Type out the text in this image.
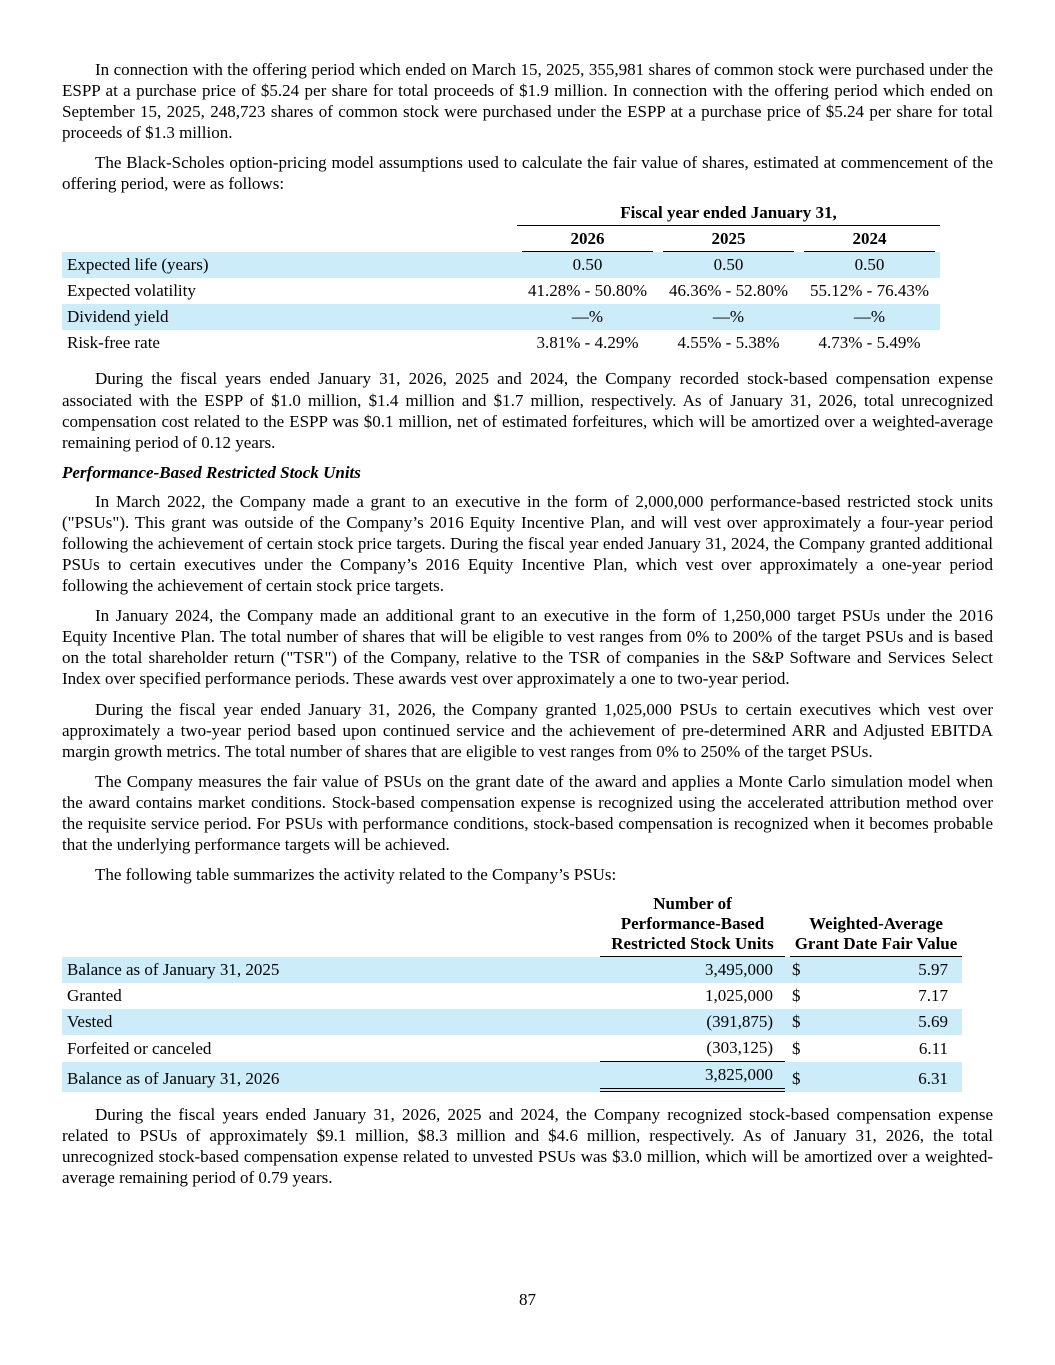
In connection with the offering period which ended on March 15, 2025, 355,981 shares of common stock were purchased under the ESPP at a purchase price of $5.24 per share for total proceeds of $1.9 million. In connection with the offering period which ended on September 15, 2025, 248,723 shares of common stock were purchased under the ESPP at a purchase price of $5.24 per share for total proceeds of $1.3 million.

The Black-Scholes option-pricing model assumptions used to calculate the fair value of shares, estimated at commencement of the offering period, were as follows:

	Fiscal year ended January 31,		

	2026	2025	2024

Expected life (years)	0.50	0.50	0.50
Expected volatility	41.28% - 50.80%	46.36% - 52.80%	55.12% - 76.43%
Dividend yield	—%	—%	—%
Risk-free rate	3.81% - 4.29%	4.55% - 5.38%	4.73% - 5.49%

During the fiscal years ended January 31, 2026, 2025 and 2024, the Company recorded stock-based compensation expense associated with the ESPP of $1.0 million, $1.4 million and $1.7 million, respectively. As of January 31, 2026, total unrecognized compensation cost related to the ESPP was $0.1 million, net of estimated forfeitures, which will be amortized over a weighted-average remaining period of 0.12 years.

Performance-Based Restricted Stock Units

In March 2022, the Company made a grant to an executive in the form of 2,000,000 performance-based restricted stock units ("PSUs"). This grant was outside of the Company’s 2016 Equity Incentive Plan, and will vest over approximately a four-year period following the achievement of certain stock price targets. During the fiscal year ended January 31, 2024, the Company granted additional PSUs to certain executives under the Company’s 2016 Equity Incentive Plan, which vest over approximately a one-year period following the achievement of certain stock price targets.

In January 2024, the Company made an additional grant to an executive in the form of 1,250,000 target PSUs under the 2016 Equity Incentive Plan. The total number of shares that will be eligible to vest ranges from 0% to 200% of the target PSUs and is based on the total shareholder return ("TSR") of the Company, relative to the TSR of companies in the S&P Software and Services Select Index over specified performance periods. These awards vest over approximately a one to two-year period.

During the fiscal year ended January 31, 2026, the Company granted 1,025,000 PSUs to certain executives which vest over approximately a two-year period based upon continued service and the achievement of pre-determined ARR and Adjusted EBITDA margin growth metrics. The total number of shares that are eligible to vest ranges from 0% to 250% of the target PSUs.

The Company measures the fair value of PSUs on the grant date of the award and applies a Monte Carlo simulation model when the award contains market conditions. Stock-based compensation expense is recognized using the accelerated attribution method over the requisite service period. For PSUs with performance conditions, stock-based compensation is recognized when it becomes probable that the underlying performance targets will be achieved.

The following table summarizes the activity related to the Company’s PSUs:

	Number of
Performance-Based
Restricted Stock Units	Weighted-Average
Grant Date Fair Value	

Balance as of January 31, 2025	3,495,000	$	5.97
Granted	1,025,000	$	7.17
Vested	(391,875)	$	5.69
Forfeited or canceled	(303,125)	$	6.11
Balance as of January 31, 2026	3,825,000	$	6.31

During the fiscal years ended January 31, 2026, 2025 and 2024, the Company recognized stock-based compensation expense related to PSUs of approximately $9.1 million, $8.3 million and $4.6 million, respectively. As of January 31, 2026, the total unrecognized stock-based compensation expense related to unvested PSUs was $3.0 million, which will be amortized over a weighted-average remaining period of 0.79 years.

87
